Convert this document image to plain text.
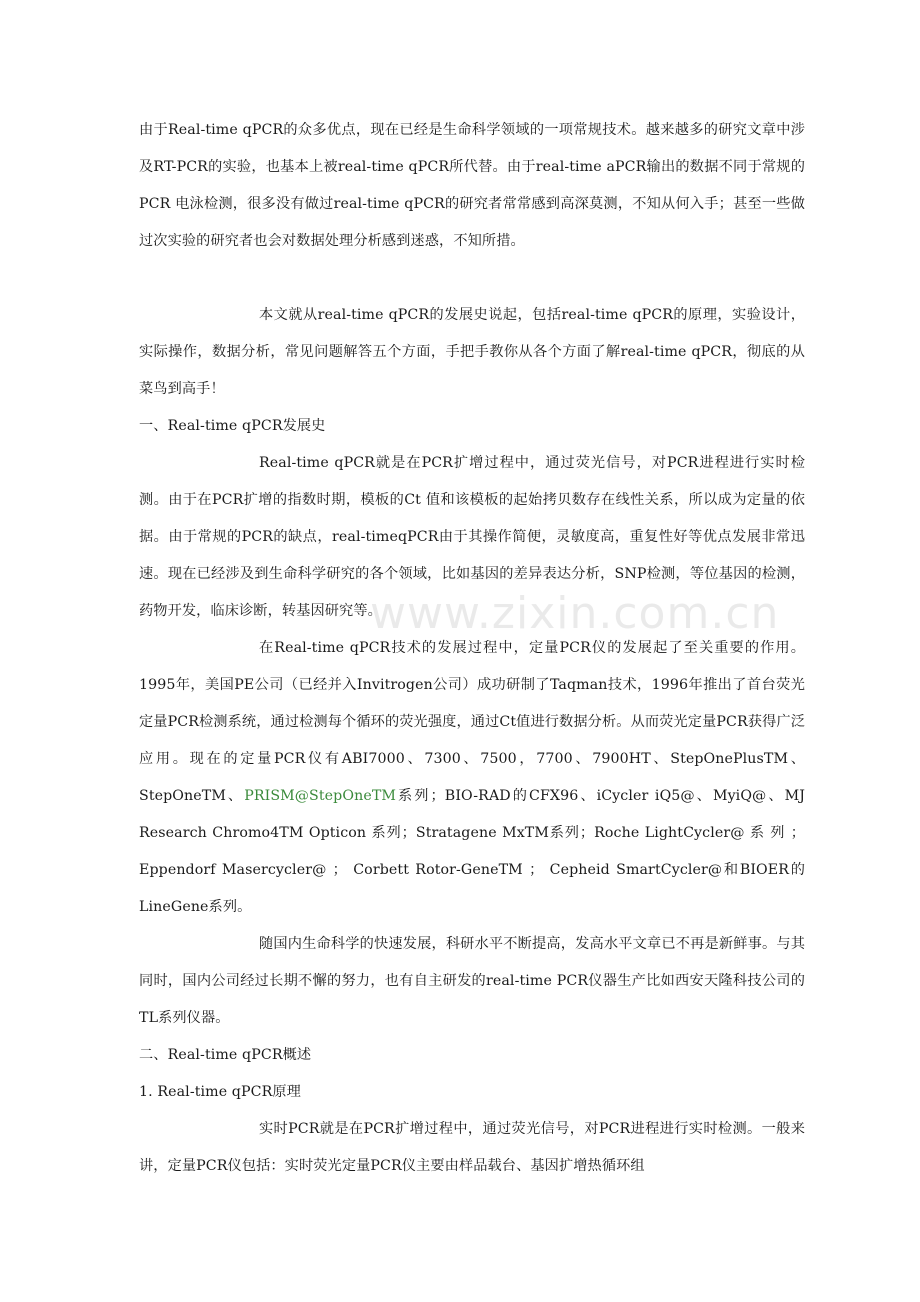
由于Real-time qPCR的众多优点，现在已经是生命科学领域的一项常规技术。越来越多的研究文章中涉及RT-PCR的实验，也基本上被real-time qPCR所代替。由于real-time aPCR输出的数据不同于常规的PCR 电泳检测，很多没有做过real-time qPCR的研究者常常感到高深莫测，不知从何入手；甚至一些做过次实验的研究者也会对数据处理分析感到迷惑，不知所措。

本文就从real-time qPCR的发展史说起，包括real-time qPCR的原理，实验设计，实际操作，数据分析，常见问题解答五个方面，手把手教你从各个方面了解real-time qPCR，彻底的从菜鸟到高手！

一、Real-time qPCR发展史

Real-time qPCR就是在PCR扩增过程中，通过荧光信号，对PCR进程进行实时检测。由于在PCR扩增的指数时期，模板的Ct 值和该模板的起始拷贝数存在线性关系，所以成为定量的依据。由于常规的PCR的缺点，real-timeqPCR由于其操作简便，灵敏度高，重复性好等优点发展非常迅速。现在已经涉及到生命科学研究的各个领域，比如基因的差异表达分析，SNP检测，等位基因的检测，药物开发，临床诊断，转基因研究等。

在Real-time qPCR技术的发展过程中，定量PCR仪的发展起了至关重要的作用。1995年，美国PE公司（已经并入Invitrogen公司）成功研制了Taqman技术，1996年推出了首台荧光定量PCR检测系统，通过检测每个循环的荧光强度，通过Ct值进行数据分析。从而荧光定量PCR获得广泛应用。现在的定量PCR仪有ABI7000、7300、7500，7700、7900HT、StepOnePlusTM、StepOneTM、PRISM@StepOneTM系列；BIO-RAD的CFX96、iCycler iQ5@、MyiQ@、MJ Research Chromo4TM Opticon 系列；Stratagene MxTM系列；Roche LightCycler@ 系 列 ； Eppendorf Masercycler@ ； Corbett Rotor-GeneTM ； Cepheid SmartCycler@和BIOER的LineGene系列。

随国内生命科学的快速发展，科研水平不断提高，发高水平文章已不再是新鲜事。与其同时，国内公司经过长期不懈的努力，也有自主研发的real-time PCR仪器生产比如西安天隆科技公司的TL系列仪器。

二、Real-time qPCR概述

1. Real-time qPCR原理

实时PCR就是在PCR扩增过程中，通过荧光信号，对PCR进程进行实时检测。一般来讲，定量PCR仪包括：实时荧光定量PCR仪主要由样品载台、基因扩增热循环组

www.zixin.com.cn
